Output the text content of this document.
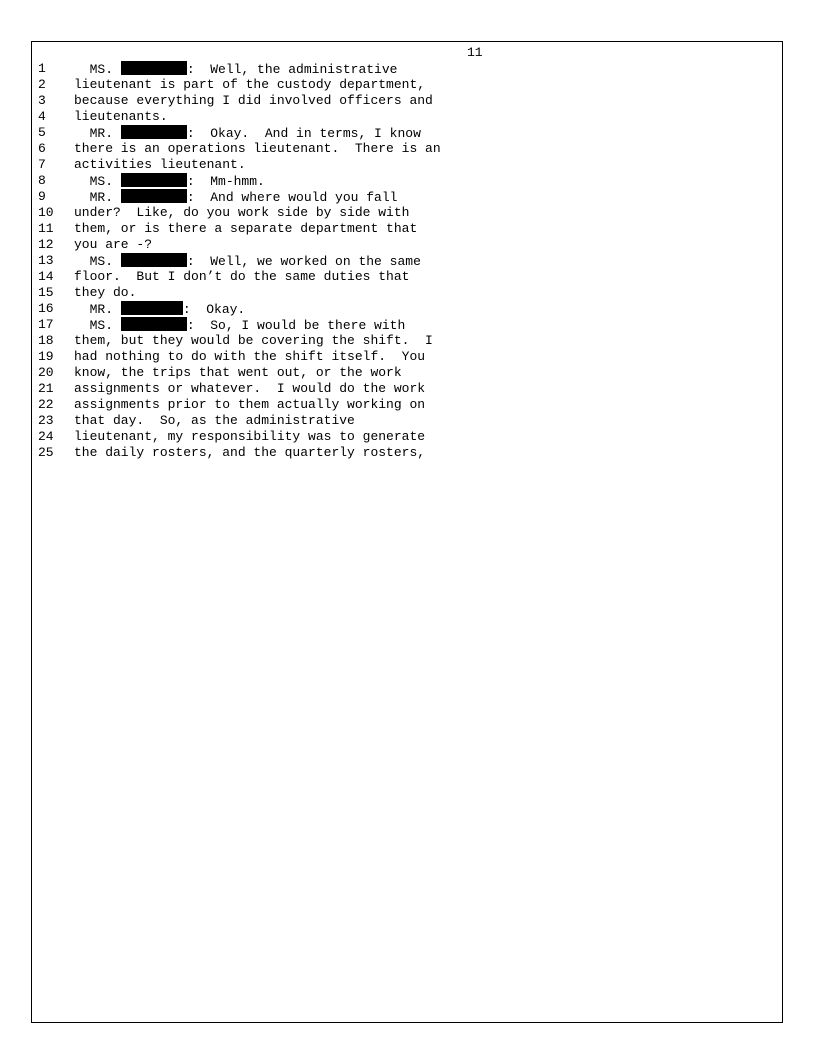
11
1	MS.	:  Well, the administrative
2	lieutenant is part of the custody department,
3	because everything I did involved officers and
4	lieutenants.
5	MR.	:  Okay.  And in terms, I know
6	there is an operations lieutenant.  There is an
7	activities lieutenant.
8	MS.	:  Mm-hmm.
9	MR.	:  And where would you fall
10	under?  Like, do you work side by side with
11	them, or is there a separate department that
12	you are -?
13	MS.	:  Well, we worked on the same
14	floor.  But I don’t do the same duties that
15	they do.
16	MR.	:  Okay.
17	MS.	:  So, I would be there with
18	them, but they would be covering the shift.  I
19	had nothing to do with the shift itself.  You
20	know, the trips that went out, or the work
21	assignments or whatever.  I would do the work
22	assignments prior to them actually working on
23	that day.  So, as the administrative
24	lieutenant, my responsibility was to generate
25	the daily rosters, and the quarterly rosters,
